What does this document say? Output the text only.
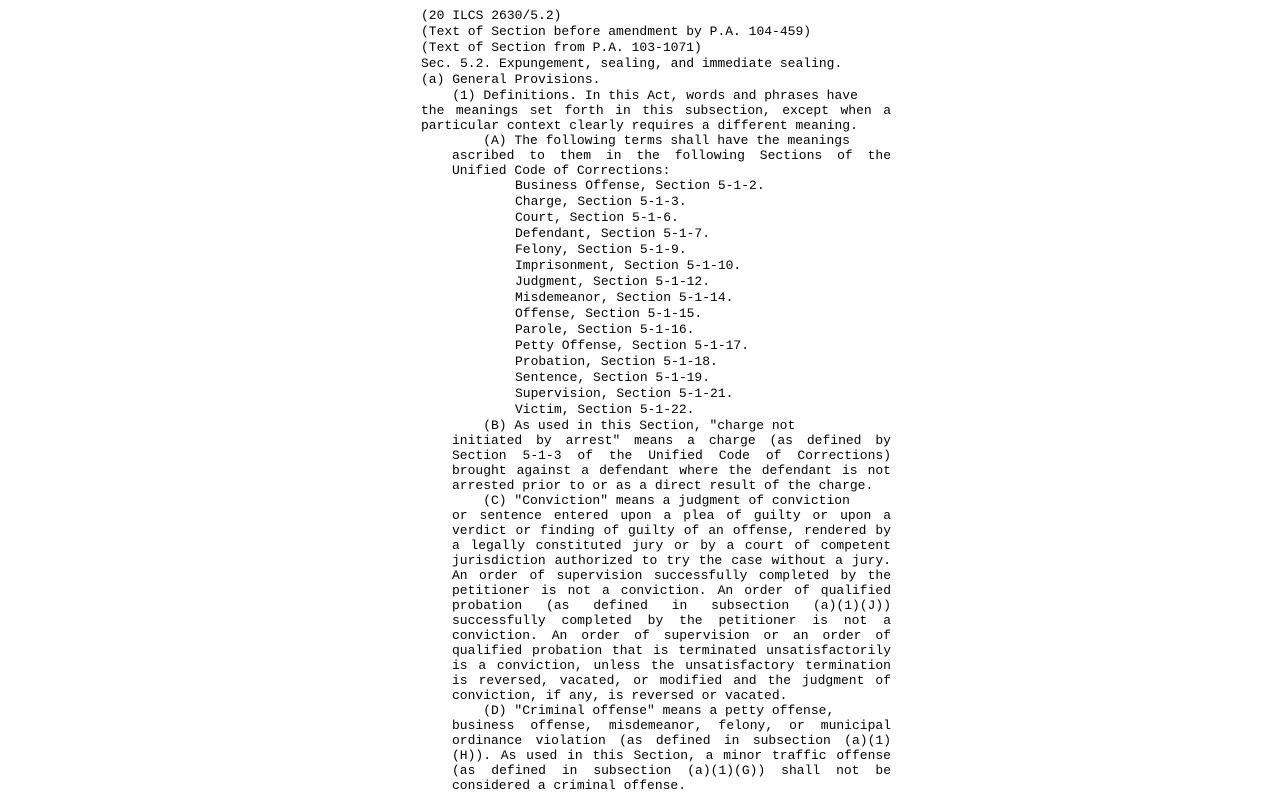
(20 ILCS 2630/5.2)
(Text of Section before amendment by P.A. 104-459)
(Text of Section from P.A. 103-1071)
Sec. 5.2. Expungement, sealing, and immediate sealing.
(a) General Provisions.
(1) Definitions. In this Act, words and phrases have
the meanings set forth in this subsection, except when a particular context clearly requires a different meaning.
(A) The following terms shall have the meanings
ascribed to them in the following Sections of the Unified Code of Corrections:
Business Offense, Section 5-1-2.
Charge, Section 5-1-3.
Court, Section 5-1-6.
Defendant, Section 5-1-7.
Felony, Section 5-1-9.
Imprisonment, Section 5-1-10.
Judgment, Section 5-1-12.
Misdemeanor, Section 5-1-14.
Offense, Section 5-1-15.
Parole, Section 5-1-16.
Petty Offense, Section 5-1-17.
Probation, Section 5-1-18.
Sentence, Section 5-1-19.
Supervision, Section 5-1-21.
Victim, Section 5-1-22.
(B) As used in this Section, "charge not
initiated by arrest" means a charge (as defined by Section 5-1-3 of the Unified Code of Corrections) brought against a defendant where the defendant is not arrested prior to or as a direct result of the charge.
(C) "Conviction" means a judgment of conviction
or sentence entered upon a plea of guilty or upon a verdict or finding of guilty of an offense, rendered by a legally constituted jury or by a court of competent jurisdiction authorized to try the case without a jury. An order of supervision successfully completed by the petitioner is not a conviction. An order of qualified probation (as defined in subsection (a)(1)(J)) successfully completed by the petitioner is not a conviction. An order of supervision or an order of qualified probation that is terminated unsatisfactorily is a conviction, unless the unsatisfactory termination is reversed, vacated, or modified and the judgment of conviction, if any, is reversed or vacated.
(D) "Criminal offense" means a petty offense,
business offense, misdemeanor, felony, or municipal ordinance violation (as defined in subsection (a)(1) (H)). As used in this Section, a minor traffic offense (as defined in subsection (a)(1)(G)) shall not be considered a criminal offense.
